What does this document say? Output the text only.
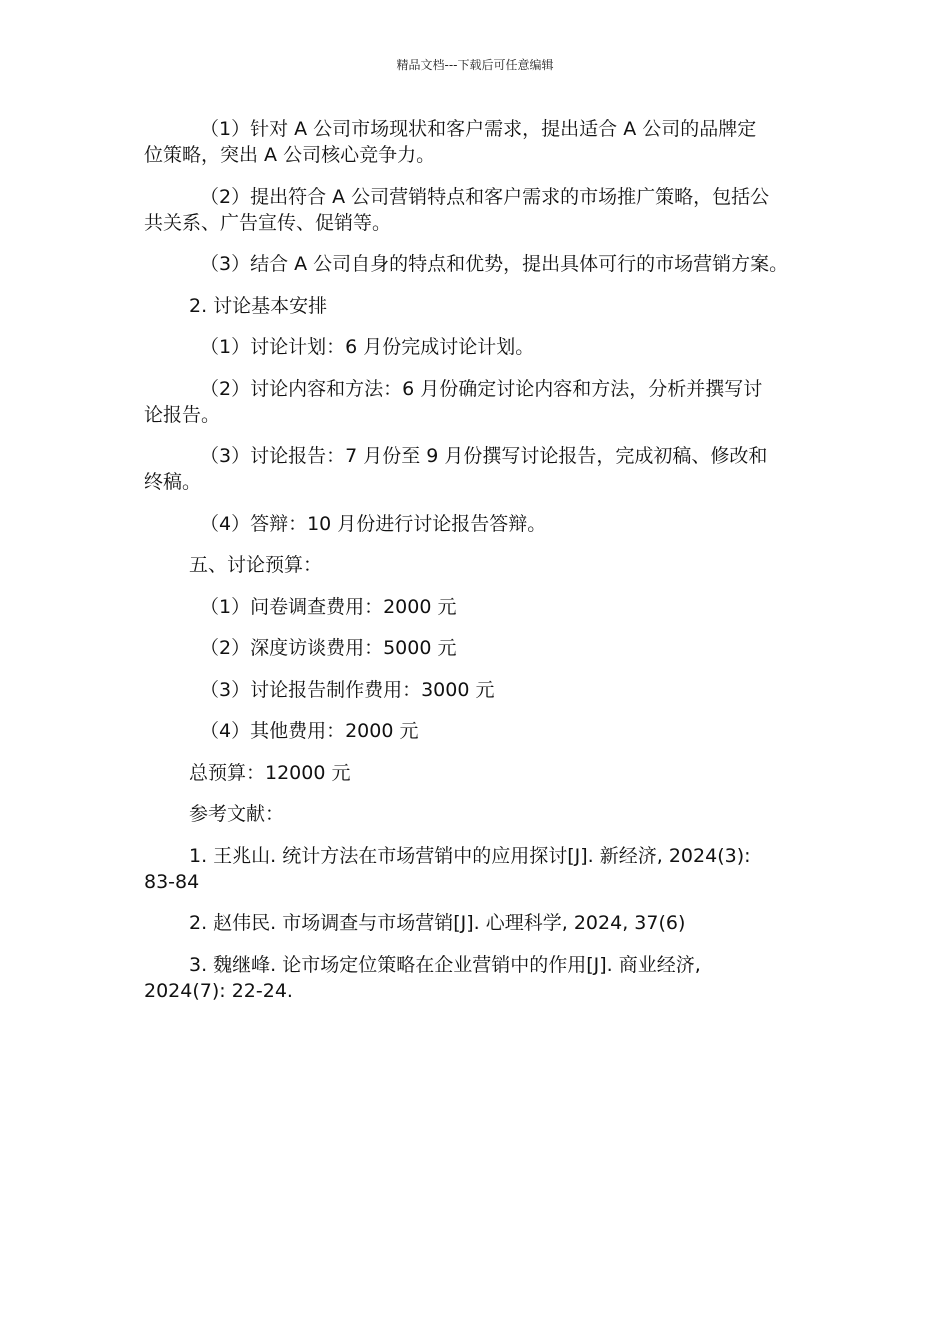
精品文档---下载后可任意编辑

（1）针对 A 公司市场现状和客户需求，提出适合 A 公司的品牌定
位策略，突出 A 公司核心竞争力。

（2）提出符合 A 公司营销特点和客户需求的市场推广策略，包括公
共关系、广告宣传、促销等。

（3）结合 A 公司自身的特点和优势，提出具体可行的市场营销方案。

2. 讨论基本安排

（1）讨论计划：6 月份完成讨论计划。

（2）讨论内容和方法：6 月份确定讨论内容和方法，分析并撰写讨
论报告。

（3）讨论报告：7 月份至 9 月份撰写讨论报告，完成初稿、修改和
终稿。

（4）答辩：10 月份进行讨论报告答辩。

五、讨论预算：

（1）问卷调查费用：2000 元

（2）深度访谈费用：5000 元

（3）讨论报告制作费用：3000 元

（4）其他费用：2000 元

总预算：12000 元

参考文献：

1. 王兆山. 统计方法在市场营销中的应用探讨[J]. 新经济, 2024(3):
83-84

2. 赵伟民. 市场调查与市场营销[J]. 心理科学, 2024, 37(6)

3. 魏继峰. 论市场定位策略在企业营销中的作用[J]. 商业经济,
2024(7): 22-24.
